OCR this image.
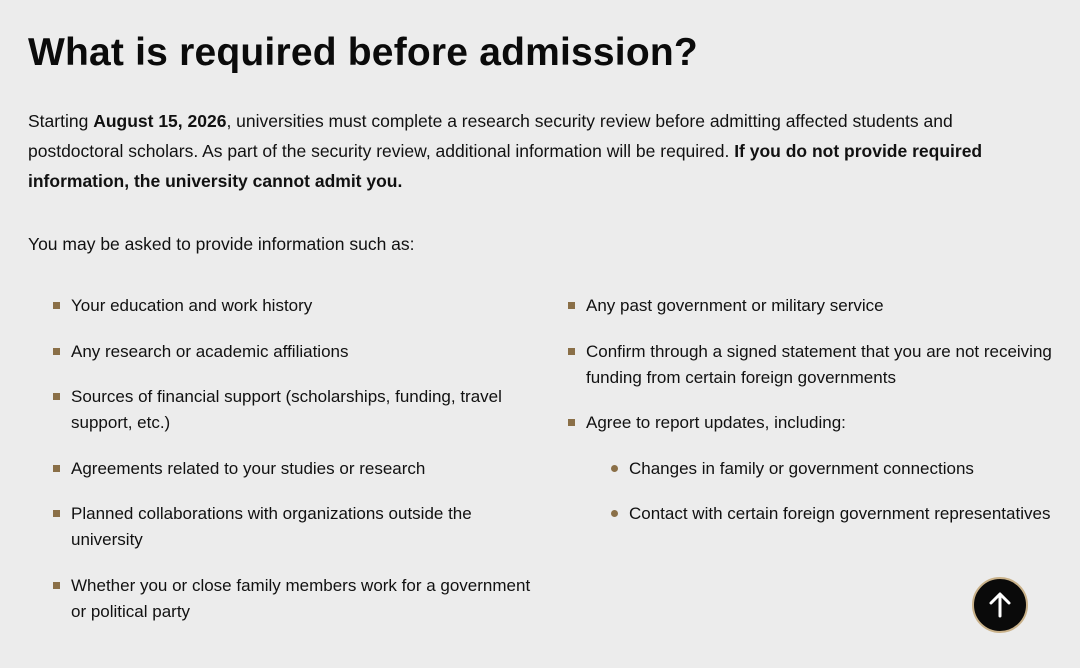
What is required before admission?

Starting August 15, 2026, universities must complete a research security review before admitting affected students and postdoctoral scholars. As part of the security review, additional information will be required. If you do not provide required information, the university cannot admit you.

You may be asked to provide information such as:

Your education and work history
Any research or academic affiliations
Sources of financial support (scholarships, funding, travel support, etc.)
Agreements related to your studies or research
Planned collaborations with organizations outside the university
Whether you or close family members work for a government or political party
Any past government or military service
Confirm through a signed statement that you are not receiving funding from certain foreign governments
Agree to report updates, including:
Changes in family or government connections
Contact with certain foreign government representatives
